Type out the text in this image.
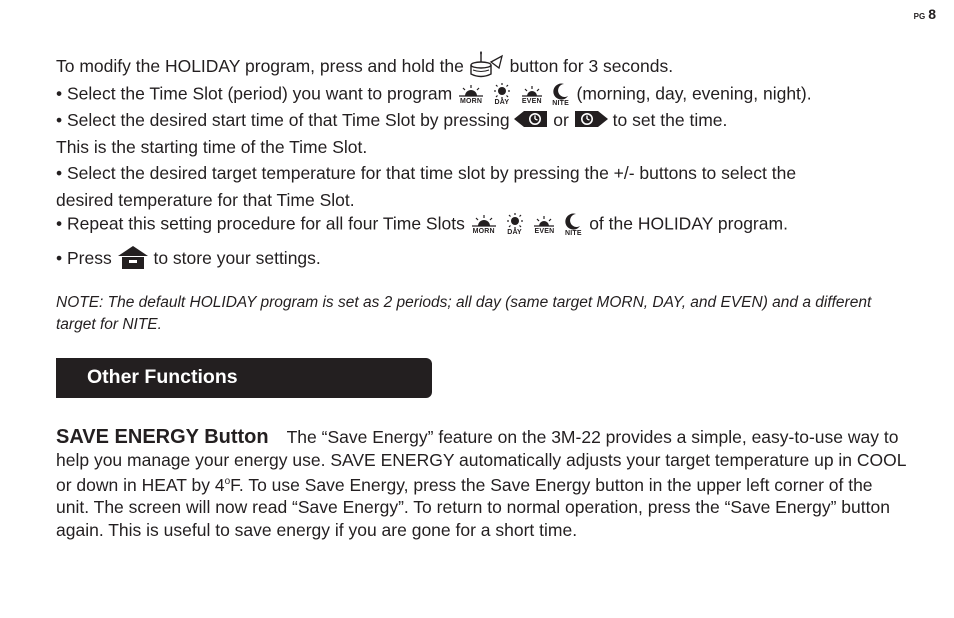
PG 8
To modify the HOLIDAY program, press and hold the  button for 3 seconds.
• Select the Time Slot (period) you want to program MORN
DAY
EVEN
NITE (morning, day, evening, night).
• Select the desired start time of that Time Slot by pressing  or  to set the time.
This is the starting time of the Time Slot.
• Select the desired target temperature for that time slot by pressing the +/- buttons to select the
desired temperature for that Time Slot.
• Repeat this setting procedure for all four Time Slots MORN
DAY
EVEN
NITE of the HOLIDAY program.
• Press  to store your settings.
NOTE: The default HOLIDAY program is set as 2 periods; all day (same target MORN, DAY, and EVEN) and a different target for NITE.
Other Functions
SAVE ENERGY Button The “Save Energy” feature on the 3M-22 provides a simple, easy-to-use way to help you manage your energy use. SAVE ENERGY automatically adjusts your target temperature up in COOL or down in HEAT by 4$^o$F. To use Save Energy, press the Save Energy button in the upper left corner of the unit. The screen will now read “Save Energy”. To return to normal operation, press the “Save Energy” button again. This is useful to save energy if you are gone for a short time.
